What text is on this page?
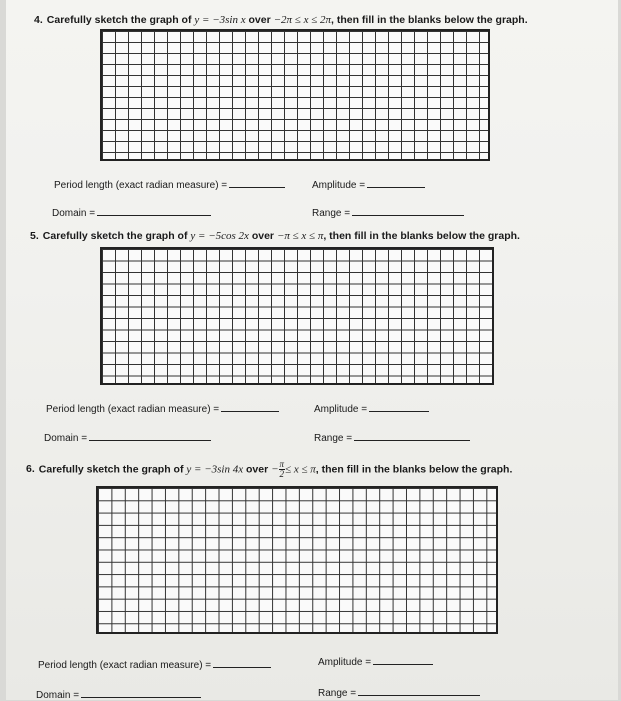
4. Carefully sketch the graph of y = −3sin x over −2π ≤ x ≤ 2π, then fill in the blanks below the graph.
Period length (exact radian measure) =	Amplitude =
Domain =	Range =
5. Carefully sketch the graph of y = −5cos 2x over −π ≤ x ≤ π, then fill in the blanks below the graph.
Period length (exact radian measure) =	Amplitude =
Domain =	Range =
6. Carefully sketch the graph of y = −3sin 4x over − $\frac{\pi}{2} \le x \le \pi$, then fill in the blanks below the graph.
Period length (exact radian measure) =	Amplitude =
Domain =	Range =
